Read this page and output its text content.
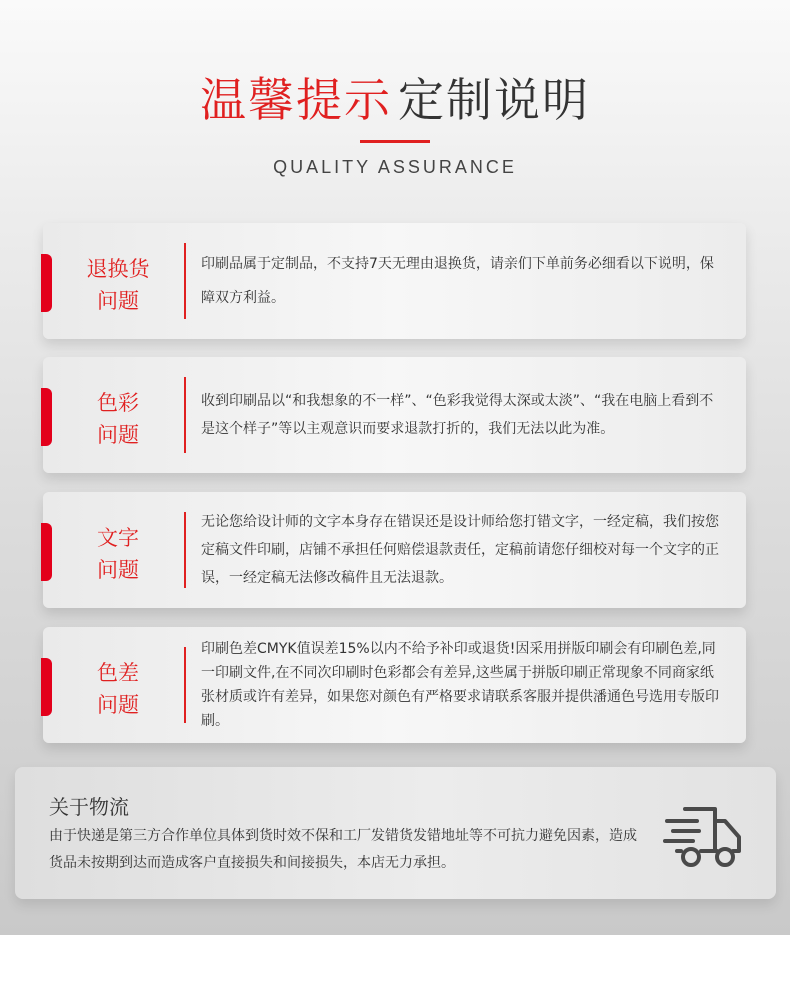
温馨提示 定制说明
QUALITY ASSURANCE
退换货
问题

印刷品属于定制品，不支持7天无理由退换货，请亲们下单前务必细看以下说明，保障双方利益。

色彩
问题

收到印刷品以“和我想象的不一样”、“色彩我觉得太深或太淡”、“我在电脑上看到不是这个样子”等以主观意识而要求退款打折的，我们无法以此为准。

文字
问题

无论您给设计师的文字本身存在错误还是设计师给您打错文字，一经定稿，我们按您定稿文件印刷，店铺不承担任何赔偿退款责任，定稿前请您仔细校对每一个文字的正误，一经定稿无法修改稿件且无法退款。

色差
问题

印刷色差CMYK值误差15%以内不给予补印或退货!因采用拼版印刷会有印刷色差,同一印刷文件,在不同次印刷时色彩都会有差异,这些属于拼版印刷正常现象不同商家纸张材质或许有差异，如果您对颜色有严格要求请联系客服并提供潘通色号选用专版印刷。

关于物流
由于快递是第三方合作单位具体到货时效不保和工厂发错货发错地址等不可抗力避免因素，造成货品未按期到达而造成客户直接损失和间接损失，本店无力承担。
